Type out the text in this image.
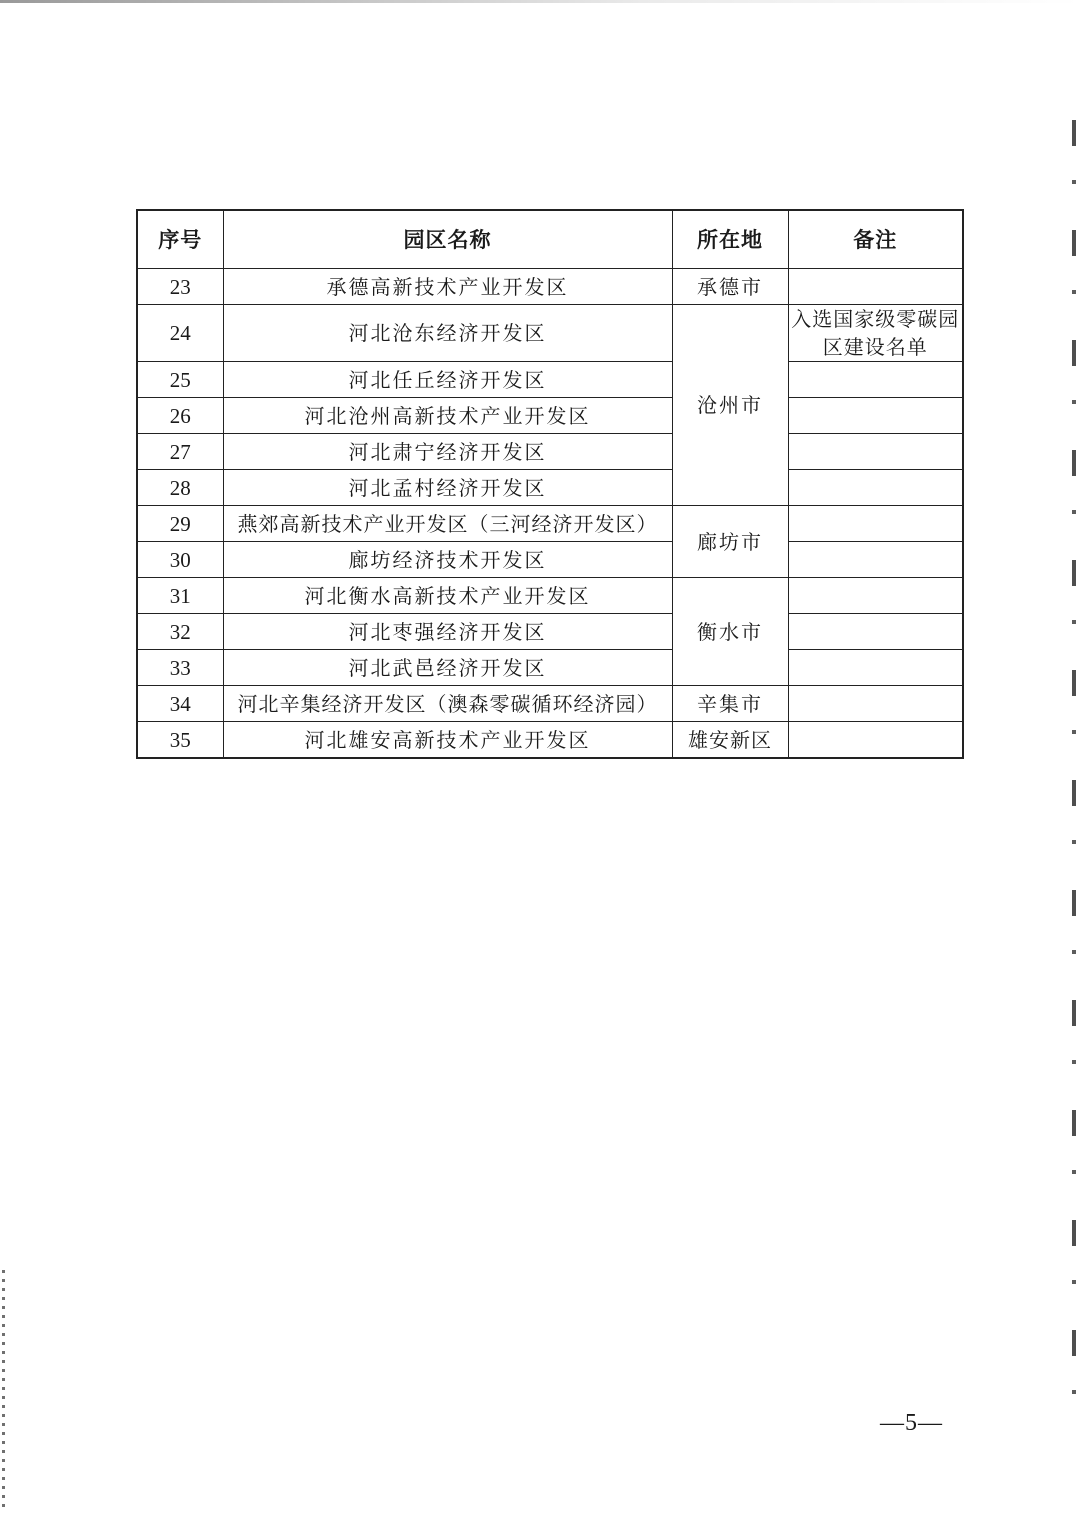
序号	园区名称	所在地	备注
23	承德高新技术产业开发区	承德市	
24	河北沧东经济开发区	沧州市	入选国家级零碳园区建设名单
25	河北任丘经济开发区		
26	河北沧州高新技术产业开发区		
27	河北肃宁经济开发区		
28	河北孟村经济开发区		
29	燕郊高新技术产业开发区（三河经济开发区）	廊坊市	
30	廊坊经济技术开发区		
31	河北衡水高新技术产业开发区	衡水市	
32	河北枣强经济开发区		
33	河北武邑经济开发区		
34	河北辛集经济开发区（澳森零碳循环经济园）	辛集市	
35	河北雄安高新技术产业开发区	雄安新区	
—5—
